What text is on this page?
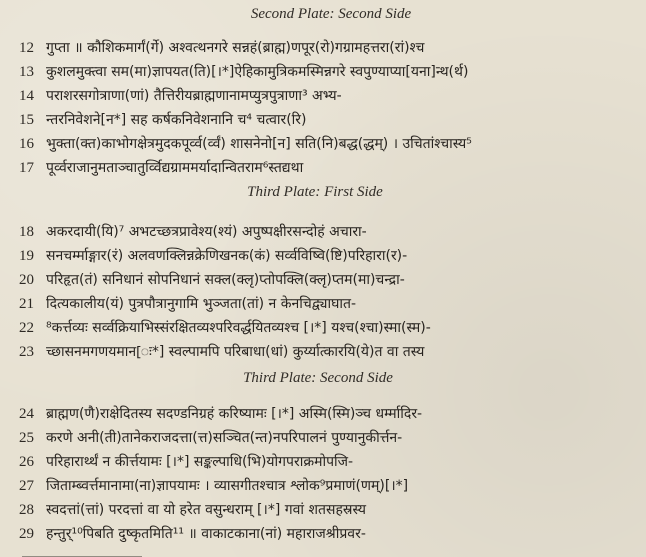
Second Plate: Second Side
12 गुप्ता ॥ कौशिकमार्गं(र्गे) अश्वत्थनगरे सन्नहं(ब्राह्म)णपूर(रो)गग्रामहत्तरा(रां)श्च
13 कुशलमुक्त्वा सम(मा)ज्ञापयत(ति)[।*]ऐहिकामुत्रिकमस्मिन्नगरे स्वपुण्याप्या[यना]न्थ(र्थ)
14 पराशरसगोत्राणा(णां) तैत्तिरीयब्राह्मणानामप्युत्रपुत्राणा³ अभ्य-
15 न्तरनिवेशने[न*] सह कर्षकनिवेशनानि च⁴ चत्वार(रि)
16 भुक्ता(क्त)काभोगक्षेत्रमुदकपूर्व्व(र्व्वं) शासनेनो[न] सति(नि)बद्ध(द्धम्) । उचितांश्चास्य⁵
17 पूर्व्वराजानुमताञ्चातुर्व्विद्यग्राममर्यादान्वितराम⁶स्तद्यथा
Third Plate: First Side
18 अकरदायी(यि)⁷ अभटच्छत्रप्रावेश्य(श्यं) अपुष्पक्षीरसन्दोहं अचारा-
19 सनचर्म्माङ्गार(रं) अलवणक्लिन्नक्रेणिखनक(कं) सर्व्वविष्वि(ष्टि)परिहारा(र)-
20 परिहृत(तं) सनिधानं सोपनिधानं सक्ल(क्लृ)प्तोपक्लि(क्लृ)प्तम(मा)चन्द्रा-
21 दित्यकालीय(यं) पुत्रपौत्रानुगामि भुञ्जता(तां) न केनचिद्व्याघात-
22 ⁸कर्त्तव्यः सर्व्वक्रियाभिस्संरक्षितव्यश्परिवर्द्धयितव्यश्च [।*] यश्च(श्चा)स्मा(स्म)-
23 च्छासनमगणयमान[ः*] स्वल्पामपि परिबाधा(धां) कुर्य्यात्कारयि(ये)त वा तस्य
Third Plate: Second Side
24 ब्राह्मण(णै)राक्षेदितस्य सदण्डनिग्रहं करिष्यामः [।*] अस्मि(स्मि)ञ्च धर्म्मादिर-
25 करणे अनी(ती)तानेकराजदत्ता(त्त)सञ्चित(न्त)नपरिपालनं पुण्यानुकीर्त्तन-
26 परिहारार्थ्थं न कीर्त्तयामः [।*] सङ्कल्पाधि(भि)योगपराक्रमोपजि-
27 जिताम्ब्वर्त्तमानामा(ना)ज्ञापयामः । व्यासगीतश्चात्र श्लोक⁹प्रमाणं(णम्)[।*]
28 स्वदत्तां(त्तां) परदत्तां वा यो हरेत वसुन्धराम् [।*] गवां शतसहस्रस्य
29 हन्तुर्¹⁰पिबति दुष्कृतमिति¹¹ ॥ वाकाटकाना(नां) महाराजश्रीप्रवर-
